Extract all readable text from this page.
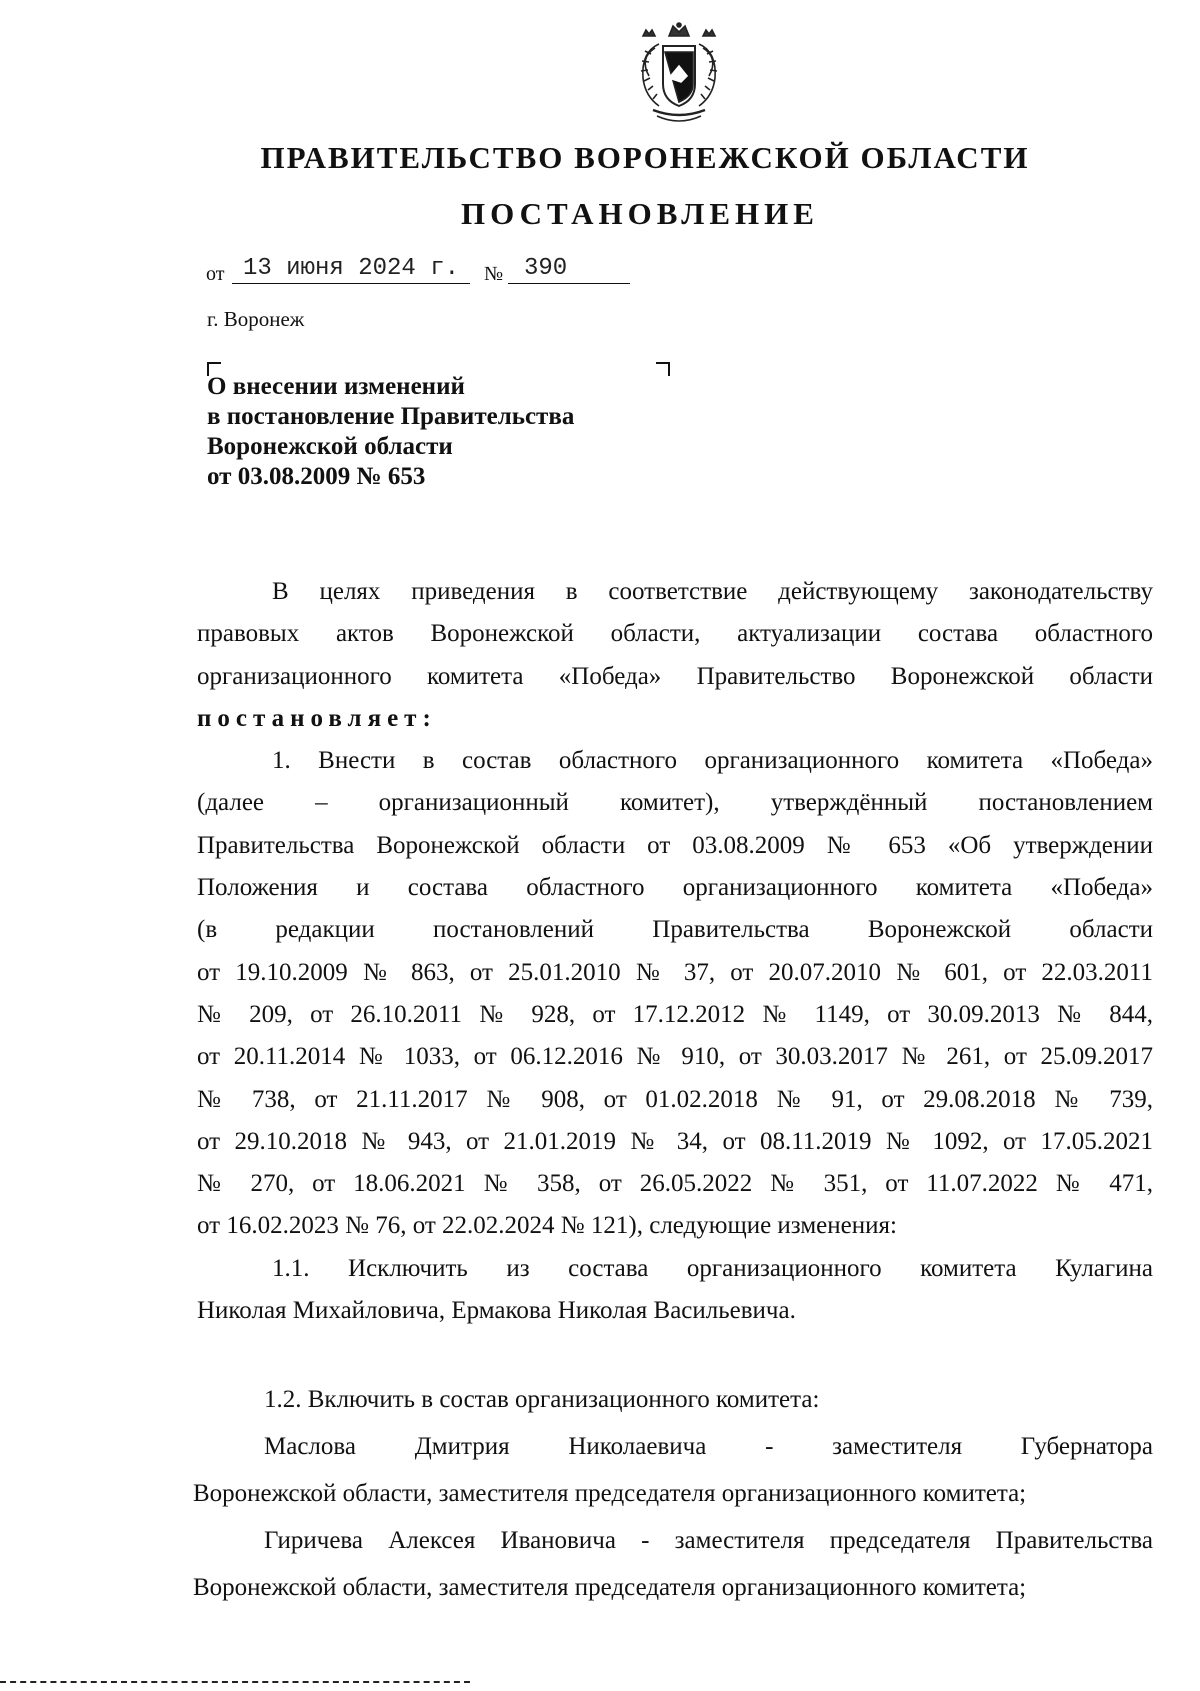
ПРАВИТЕЛЬСТВО ВОРОНЕЖСКОЙ ОБЛАСТИ
ПОСТАНОВЛЕНИЕ
от 13 июня 2024 г.	№ 390
г. Воронеж
О внесении изменений
в постановление Правительства
Воронежской области
от 03.08.2009 № 653
В целях приведения в соответствие действующему законодательству
правовых актов Воронежской области, актуализации состава областного
организационного комитета «Победа» Правительство Воронежской области
постановляет:
1. Внести в состав областного организационного комитета «Победа»
(далее – организационный комитет), утверждённый постановлением
Правительства Воронежской области от 03.08.2009 № 653 «Об утверждении
Положения и состава областного организационного комитета «Победа»
(в редакции постановлений Правительства Воронежской области
от 19.10.2009 № 863, от 25.01.2010 № 37, от 20.07.2010 № 601, от 22.03.2011
№ 209, от 26.10.2011 № 928, от 17.12.2012 № 1149, от 30.09.2013 № 844,
от 20.11.2014 № 1033, от 06.12.2016 № 910, от 30.03.2017 № 261, от 25.09.2017
№ 738, от 21.11.2017 № 908, от 01.02.2018 № 91, от 29.08.2018 № 739,
от 29.10.2018 № 943, от 21.01.2019 № 34, от 08.11.2019 № 1092, от 17.05.2021
№ 270, от 18.06.2021 № 358, от 26.05.2022 № 351, от 11.07.2022 № 471,
от 16.02.2023 № 76, от 22.02.2024 № 121), следующие изменения:
1.1. Исключить из состава организационного комитета Кулагина
Николая Михайловича, Ермакова Николая Васильевича.
1.2. Включить в состав организационного комитета:
Маслова Дмитрия Николаевича - заместителя Губернатора
Воронежской области, заместителя председателя организационного комитета;
Гиричева Алексея Ивановича - заместителя председателя Правительства
Воронежской области, заместителя председателя организационного комитета;
